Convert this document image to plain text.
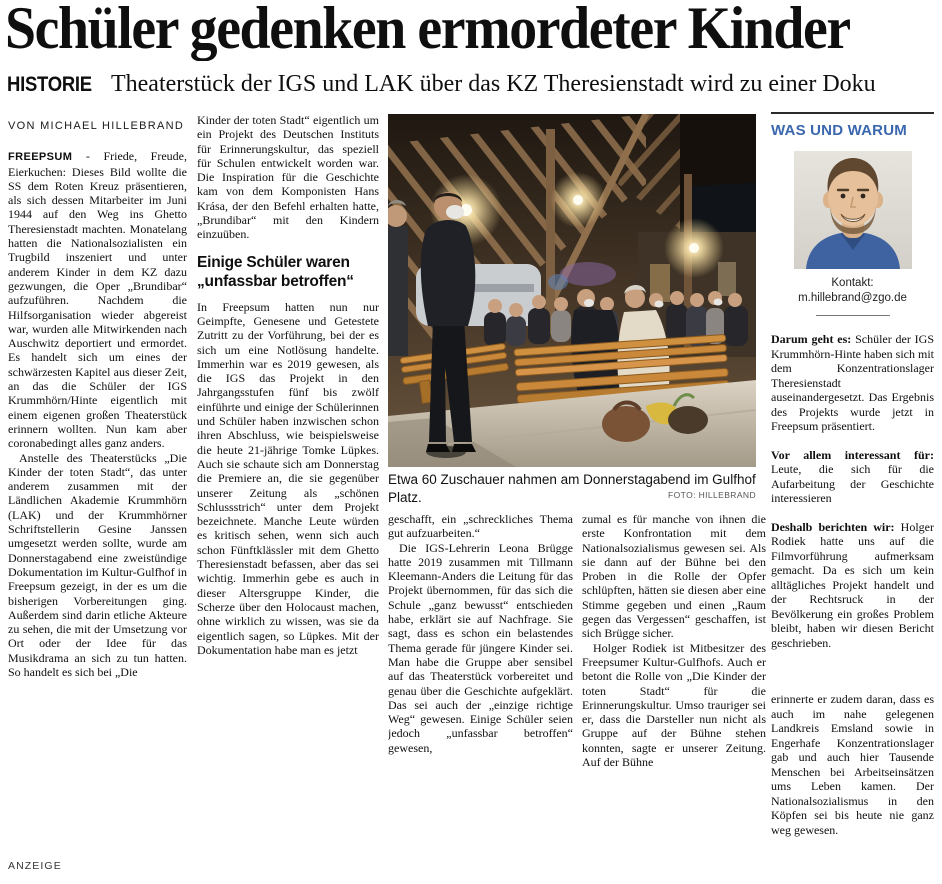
Schüler gedenken ermordeter Kinder
HISTORIE Theaterstück der IGS und LAK über das KZ Theresienstadt wird zu einer Doku
VON MICHAEL HILLEBRAND

FREEPSUM - Friede, Freude, Eierkuchen: Dieses Bild wollte die SS dem Roten Kreuz präsentieren, als sich dessen Mitarbeiter im Juni 1944 auf den Weg ins Ghetto Theresienstadt machten. Monatelang hatten die Nationalsozialisten ein Trugbild inszeniert und unter anderem Kinder in dem KZ dazu gezwungen, die Oper „Brundibar“ aufzuführen. Nachdem die Hilfsorganisation wieder abgereist war, wurden alle Mitwirkenden nach Auschwitz deportiert und ermordet. Es handelt sich um eines der schwärzesten Kapitel aus dieser Zeit, an das die Schüler der IGS Krummhörn/Hinte eigentlich mit einem eigenen großen Theaterstück erinnern wollten. Nun kam aber coronabedingt alles ganz anders.

Anstelle des Theaterstücks „Die Kinder der toten Stadt“, das unter anderem zusammen mit der Ländlichen Akademie Krummhörn (LAK) und der Krummhörner Schriftstellerin Gesine Janssen umgesetzt werden sollte, wurde am Donnerstagabend eine zweistündige Dokumentation im Kultur-Gulfhof in Freepsum gezeigt, in der es um die bisherigen Vorbereitungen ging. Außerdem sind darin etliche Akteure zu sehen, die mit der Umsetzung vor Ort oder der Idee für das Musikdrama an sich zu tun hatten. So handelt es sich bei „Die

Kinder der toten Stadt“ eigentlich um ein Projekt des Deutschen Instituts für Erinnerungskultur, das speziell für Schulen entwickelt worden war. Die Inspiration für die Geschichte kam von dem Komponisten Hans Krása, der den Befehl erhalten hatte, „Brundibar“ mit den Kindern einzuüben.

Einige Schüler waren „unfassbar betroffen“

In Freepsum hatten nun nur Geimpfte, Genesene und Getestete Zutritt zu der Vorführung, bei der es sich um eine Notlösung handelte. Immerhin war es 2019 gewesen, als die IGS das Projekt in den Jahrgangsstufen fünf bis zwölf einführte und einige der Schülerinnen und Schüler haben inzwischen schon ihren Abschluss, wie beispielsweise die heute 21-jährige Tomke Lüpkes. Auch sie schaute sich am Donnerstag die Premiere an, die sie gegenüber unserer Zeitung als „schönen Schlussstrich“ unter dem Projekt bezeichnete. Manche Leute würden es kritisch sehen, wenn sich auch schon Fünftklässler mit dem Ghetto Theresienstadt befassen, aber das sei wichtig. Immerhin gebe es auch in dieser Altersgruppe Kinder, die Scherze über den Holocaust machen, ohne wirklich zu wissen, was sie da eigentlich sagen, so Lüpkes. Mit der Dokumentation habe man es jetzt

Etwa 60 Zuschauer nahmen am Donnerstagabend im Gulfhof Platz.	FOTO: HILLEBRAND

geschafft, ein „schreckliches Thema gut aufzuarbeiten.“

Die IGS-Lehrerin Leona Brügge hatte 2019 zusammen mit Tillmann Kleemann-Anders die Leitung für das Projekt übernommen, für das sich die Schule „ganz bewusst“ entschieden habe, erklärt sie auf Nachfrage. Sie sagt, dass es schon ein belastendes Thema gerade für jüngere Kinder sei. Man habe die Gruppe aber sensibel auf das Theaterstück vorbereitet und genau über die Geschichte aufgeklärt. Das sei auch der „einzige richtige Weg“ gewesen. Einige Schüler seien jedoch „unfassbar betroffen“ gewesen,

zumal es für manche von ihnen die erste Konfrontation mit dem Nationalsozialismus gewesen sei. Als sie dann auf der Bühne bei den Proben in die Rolle der Opfer schlüpften, hätten sie diesen aber eine Stimme gegeben und einen „Raum gegen das Vergessen“ geschaffen, ist sich Brügge sicher.

Holger Rodiek ist Mitbesitzer des Freepsumer Kultur-Gulfhofs. Auch er betont die Rolle von „Die Kinder der toten Stadt“ für die Erinnerungskultur. Umso trauriger sei er, dass die Darsteller nun nicht als Gruppe auf der Bühne stehen konnten, sagte er unserer Zeitung. Auf der Bühne

WAS UND WARUM
Kontakt:
m.hillebrand@zgo.de

Darum geht es: Schüler der IGS Krummhörn-Hinte haben sich mit dem Konzentrationslager Theresienstadt auseinandergesetzt. Das Ergebnis des Projekts wurde jetzt in Freepsum präsentiert.

Vor allem interessant für: Leute, die sich für die Aufarbeitung der Geschichte interessieren

Deshalb berichten wir: Holger Rodiek hatte uns auf die Filmvorführung aufmerksam gemacht. Da es sich um kein alltägliches Projekt handelt und der Rechtsruck in der Bevölkerung ein großes Problem bleibt, haben wir diesen Bericht geschrieben.

erinnerte er zudem daran, dass es auch im nahe gelegenen Landkreis Emsland sowie in Engerhafe Konzentrationslager gab und auch hier Tausende Menschen bei Arbeitseinsätzen ums Leben kamen. Der Nationalsozialismus in den Köpfen sei bis heute nie ganz weg gewesen.

ANZEIGE
